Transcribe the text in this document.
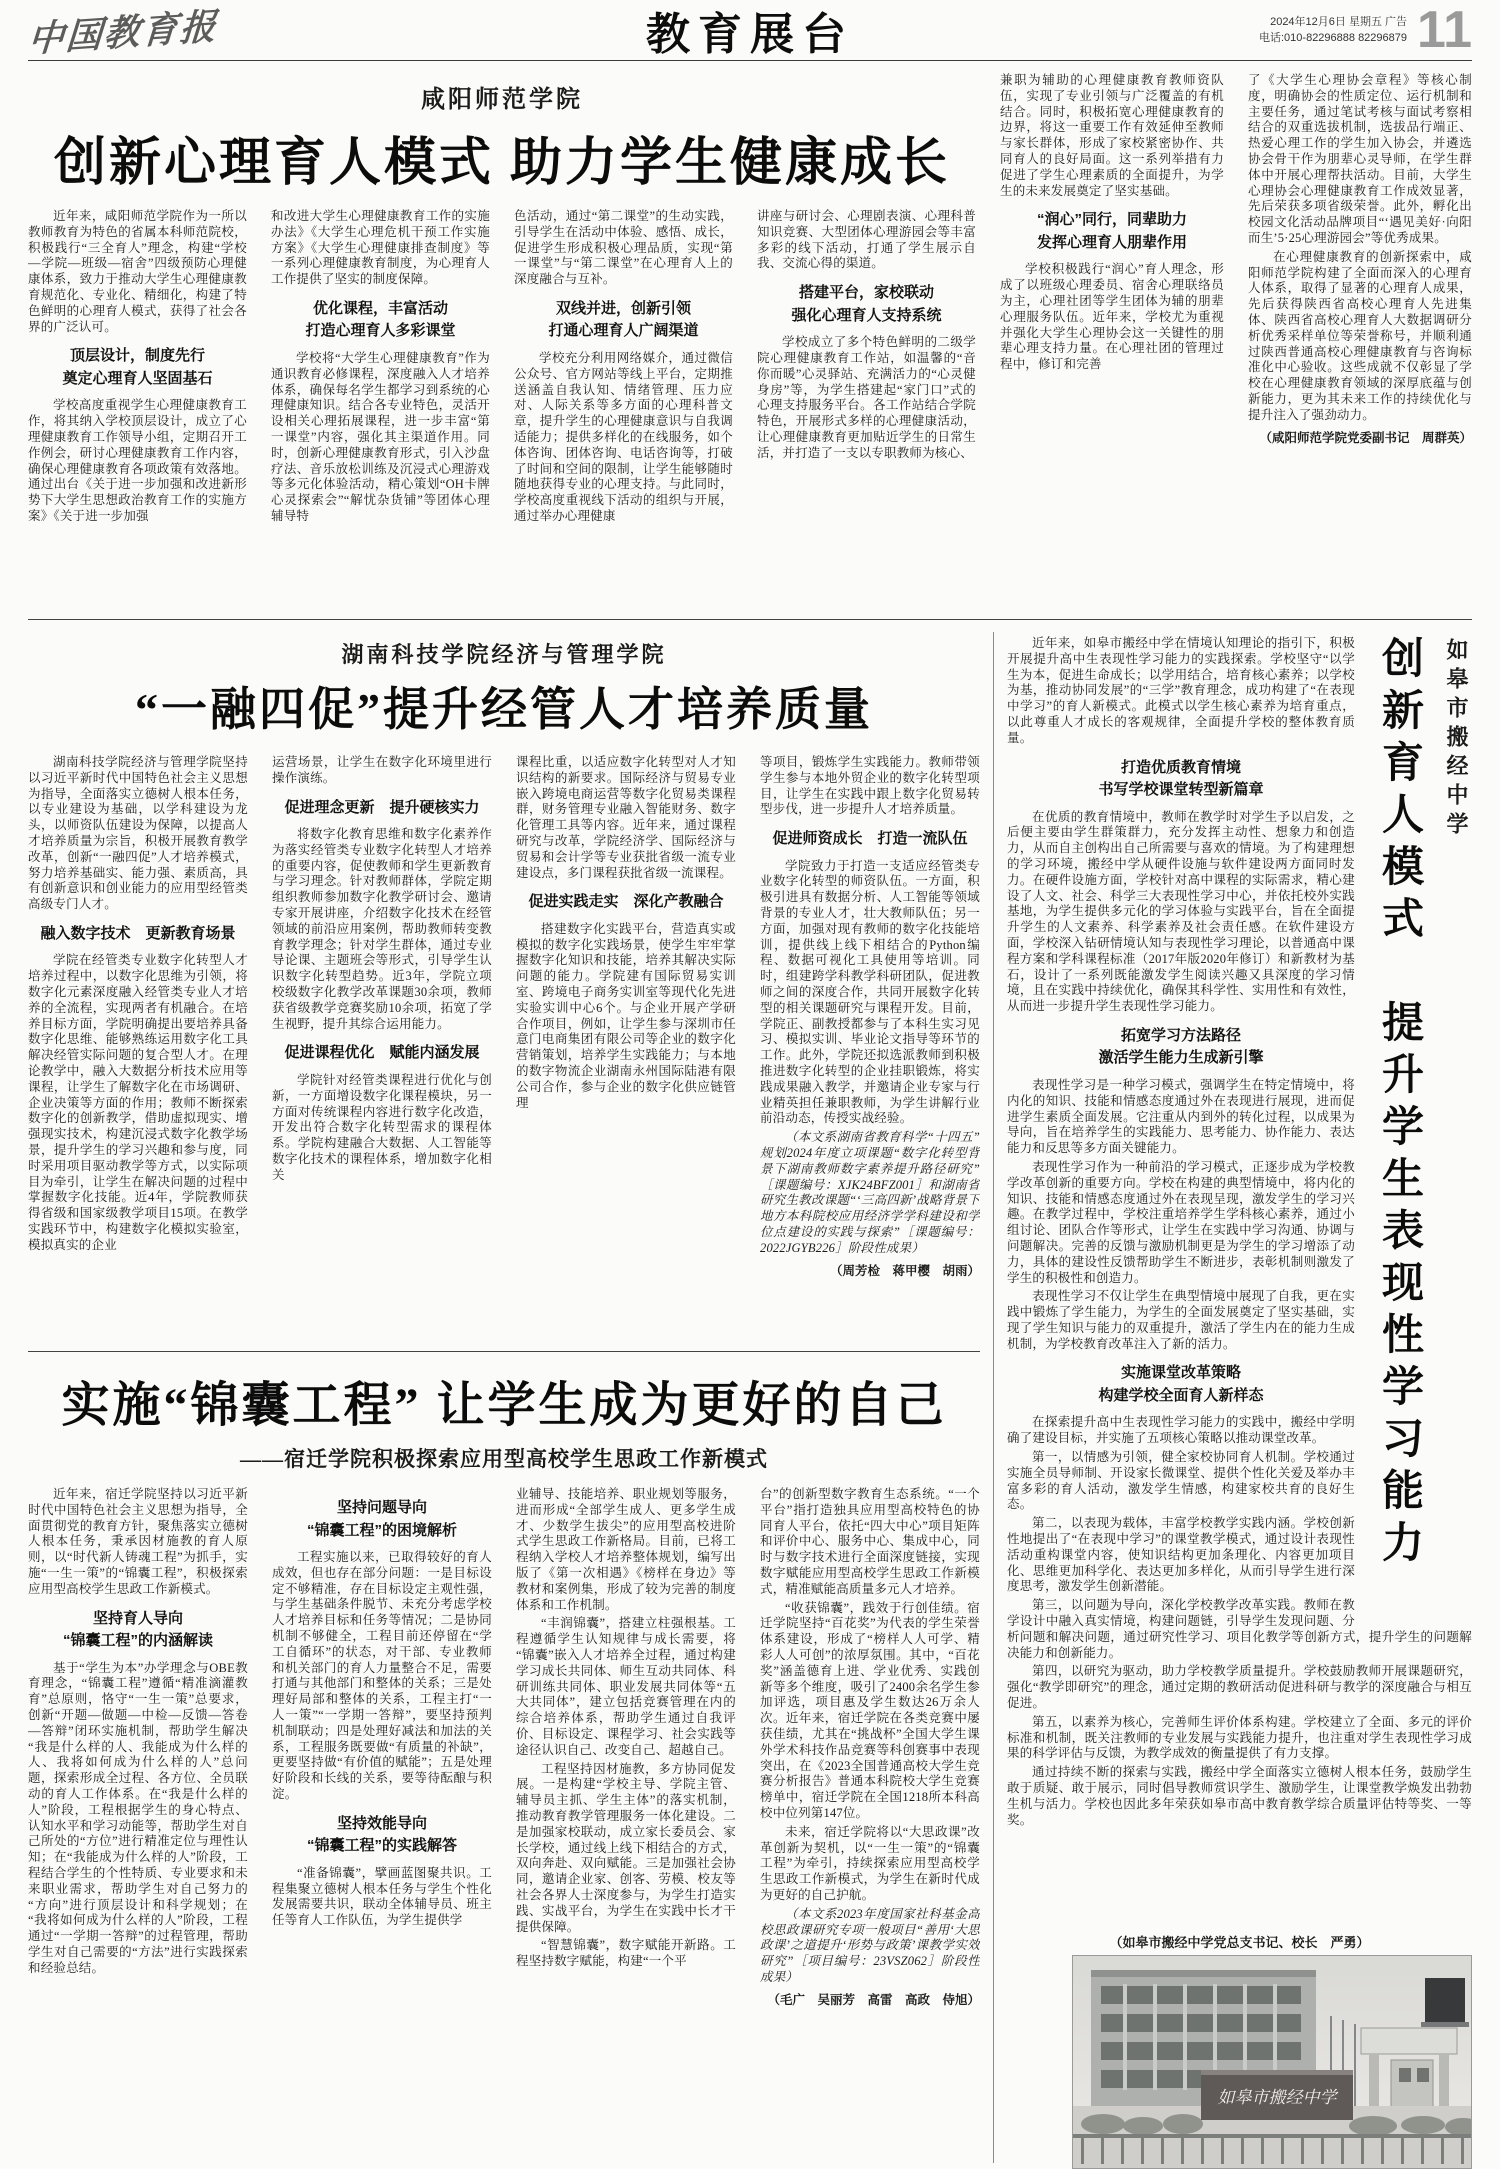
中国教育报	教育展台	2024年12月6日 星期五 广告
电话:010-82296888 82296879 11
咸阳师范学院
创新心理育人模式 助力学生健康成长

近年来，咸阳师范学院作为一所以教师教育为特色的省属本科师范院校，积极践行“三全育人”理念，构建“学校—学院—班级—宿舍”四级预防心理健康体系，致力于推动大学生心理健康教育规范化、专业化、精细化，构建了特色鲜明的心理育人模式，获得了社会各界的广泛认可。

顶层设计，制度先行
奠定心理育人坚固基石

学校高度重视学生心理健康教育工作，将其纳入学校顶层设计，成立了心理健康教育工作领导小组，定期召开工作例会，研讨心理健康教育工作内容，确保心理健康教育各项政策有效落地。通过出台《关于进一步加强和改进新形势下大学生思想政治教育工作的实施方案》《关于进一步加强

和改进大学生心理健康教育工作的实施办法》《大学生心理危机干预工作实施方案》《大学生心理健康排查制度》等一系列心理健康教育制度，为心理育人工作提供了坚实的制度保障。

优化课程，丰富活动
打造心理育人多彩课堂

学校将“大学生心理健康教育”作为通识教育必修课程，深度融入人才培养体系，确保每名学生都学习到系统的心理健康知识。结合各专业特色，灵活开设相关心理拓展课程，进一步丰富“第一课堂”内容，强化其主渠道作用。同时，创新心理健康教育形式，引入沙盘疗法、音乐放松训练及沉浸式心理游戏等多元化体验活动，精心策划“OH卡牌心灵探索会”“解忧杂货铺”等团体心理辅导特

色活动，通过“第二课堂”的生动实践，引导学生在活动中体验、感悟、成长，促进学生形成积极心理品质，实现“第一课堂”与“第二课堂”在心理育人上的深度融合与互补。

双线并进，创新引领
打通心理育人广阔渠道

学校充分利用网络媒介，通过微信公众号、官方网站等线上平台，定期推送涵盖自我认知、情绪管理、压力应对、人际关系等多方面的心理科普文章，提升学生的心理健康意识与自我调适能力；提供多样化的在线服务，如个体咨询、团体咨询、电话咨询等，打破了时间和空间的限制，让学生能够随时随地获得专业的心理支持。与此同时，学校高度重视线下活动的组织与开展，通过举办心理健康

讲座与研讨会、心理剧表演、心理科普知识竞赛、大型团体心理游园会等丰富多彩的线下活动，打通了学生展示自我、交流心得的渠道。

搭建平台，家校联动
强化心理育人支持系统

学校成立了多个特色鲜明的二级学院心理健康教育工作站，如温馨的“音你而暖”心灵驿站、充满活力的“心灵健身房”等，为学生搭建起“家门口”式的心理支持服务平台。各工作站结合学院特色，开展形式多样的心理健康活动，让心理健康教育更加贴近学生的日常生活，并打造了一支以专职教师为核心、

兼职为辅助的心理健康教育教师资队伍，实现了专业引领与广泛覆盖的有机结合。同时，积极拓宽心理健康教育的边界，将这一重要工作有效延伸至教师与家长群体，形成了家校紧密协作、共同育人的良好局面。这一系列举措有力促进了学生心理素质的全面提升，为学生的未来发展奠定了坚实基础。

“润心”同行，同辈助力
发挥心理育人朋辈作用

学校积极践行“润心”育人理念，形成了以班级心理委员、宿舍心理联络员为主，心理社团等学生团体为辅的朋辈心理服务队伍。近年来，学校尤为重视并强化大学生心理协会这一关键性的朋辈心理支持力量。在心理社团的管理过程中，修订和完善

了《大学生心理协会章程》等核心制度，明确协会的性质定位、运行机制和主要任务，通过笔试考核与面试考察相结合的双重选拔机制，选拔品行端正、热爱心理工作的学生加入协会，并遴选协会骨干作为朋辈心灵导师，在学生群体中开展心理帮扶活动。目前，大学生心理协会心理健康教育工作成效显著，先后荣获多项省级荣誉。此外，孵化出校园文化活动品牌项目“‘遇见美好·向阳而生’5·25心理游园会”等优秀成果。

在心理健康教育的创新探索中，咸阳师范学院构建了全面而深入的心理育人体系，取得了显著的心理育人成果，先后获得陕西省高校心理育人先进集体、陕西省高校心理育人大数据调研分析优秀采样单位等荣誉称号，并顺利通过陕西普通高校心理健康教育与咨询标准化中心验收。这些成就不仅彰显了学校在心理健康教育领域的深厚底蕴与创新能力，更为其未来工作的持续优化与提升注入了强劲动力。

（咸阳师范学院党委副书记　周群英）

湖南科技学院经济与管理学院
“一融四促”提升经管人才培养质量

湖南科技学院经济与管理学院坚持以习近平新时代中国特色社会主义思想为指导，全面落实立德树人根本任务，以专业建设为基础，以学科建设为龙头，以师资队伍建设为保障，以提高人才培养质量为宗旨，积极开展教育教学改革，创新“一融四促”人才培养模式，努力培养基础实、能力强、素质高，具有创新意识和创业能力的应用型经管类高级专门人才。

融入数字技术　更新教育场景

学院在经管类专业数字化转型人才培养过程中，以数字化思维为引领，将数字化元素深度融入经管类专业人才培养的全流程，实现两者有机融合。在培养目标方面，学院明确提出要培养具备数字化思维、能够熟练运用数字化工具解决经管实际问题的复合型人才。在理论教学中，融入大数据分析技术应用等课程，让学生了解数字化在市场调研、企业决策等方面的作用；教师不断探索数字化的创新教学，借助虚拟现实、增强现实技术，构建沉浸式数字化教学场景，提升学生的学习兴趣和参与度，同时采用项目驱动教学等方式，以实际项目为牵引，让学生在解决问题的过程中掌握数字化技能。近4年，学院教师获得省级和国家级教学项目15项。在教学实践环节中，构建数字化模拟实验室，模拟真实的企业

运营场景，让学生在数字化环境里进行操作演练。

促进理念更新　提升硬核实力

将数字化教育思维和数字化素养作为落实经管类专业数字化转型人才培养的重要内容，促使教师和学生更新教育与学习理念。针对教师群体，学院定期组织教师参加数字化教学研讨会、邀请专家开展讲座，介绍数字化技术在经管领域的前沿应用案例，帮助教师转变教育教学理念；针对学生群体，通过专业导论课、主题班会等形式，引导学生认识数字化转型趋势。近3年，学院立项校级数字化教学改革课题30余项，教师获省级教学竞赛奖励10余项，拓宽了学生视野，提升其综合运用能力。

促进课程优化　赋能内涵发展

学院针对经管类课程进行优化与创新，一方面增设数字化课程模块，另一方面对传统课程内容进行数字化改造，开发出符合数字化转型需求的课程体系。学院构建融合大数据、人工智能等数字化技术的课程体系，增加数字化相关

课程比重，以适应数字化转型对人才知识结构的新要求。国际经济与贸易专业嵌入跨境电商运营等数字化贸易类课程群，财务管理专业融入智能财务、数字化管理工具等内容。近年来，通过课程研究与改革，学院经济学、国际经济与贸易和会计学等专业获批省级一流专业建设点，多门课程获批省级一流课程。

促进实践走实　深化产教融合

搭建数字化实践平台，营造真实或模拟的数字化实践场景，使学生牢牢掌握数字化知识和技能，培养其解决实际问题的能力。学院建有国际贸易实训室、跨境电子商务实训室等现代化先进实验实训中心6个。与企业开展产学研合作项目，例如，让学生参与深圳市任意门电商集团有限公司等企业的数字化营销策划，培养学生实践能力；与本地的数字物流企业湖南永州国际陆港有限公司合作，参与企业的数字化供应链管理

等项目，锻炼学生实践能力。教师带领学生参与本地外贸企业的数字化转型项目，让学生在实践中跟上数字化贸易转型步伐，进一步提升人才培养质量。

促进师资成长　打造一流队伍

学院致力于打造一支适应经管类专业数字化转型的师资队伍。一方面，积极引进具有数据分析、人工智能等领域背景的专业人才，壮大教师队伍；另一方面，加强对现有教师的数字化技能培训，提供线上线下相结合的Python编程、数据可视化工具使用等培训。同时，组建跨学科教学科研团队，促进教师之间的深度合作，共同开展数字化转型的相关课题研究与课程开发。目前，学院正、副教授都参与了本科生实习见习、模拟实训、毕业论文指导等环节的工作。此外，学院还拟选派教师到积极推进数字化转型的企业挂职锻炼，将实践成果融入教学，并邀请企业专家与行业精英担任兼职教师，为学生讲解行业前沿动态，传授实战经验。

（本文系湖南省教育科学“十四五”规划2024年度立项课题“数字化转型背景下湖南教师数字素养提升路径研究”［课题编号：XJK24BFZ001］和湖南省研究生教改课题“‘三高四新’战略背景下地方本科院校应用经济学学科建设和学位点建设的实践与探索”［课题编号：2022JGYB226］阶段性成果）

（周芳检　蒋甲樱　胡雨）

实施“锦囊工程” 让学生成为更好的自己
——宿迁学院积极探索应用型高校学生思政工作新模式

近年来，宿迁学院坚持以习近平新时代中国特色社会主义思想为指导，全面贯彻党的教育方针，聚焦落实立德树人根本任务，秉承因材施教的育人原则，以“时代新人铸魂工程”为抓手，实施“一生一策”的“锦囊工程”，积极探索应用型高校学生思政工作新模式。

坚持育人导向
“锦囊工程”的内涵解读

基于“学生为本”办学理念与OBE教育理念，“锦囊工程”遵循“精准滴灌教育”总原则，恪守“一生一策”总要求，创新“开题—做题—中检—反馈—答卷—答辩”闭环实施机制，帮助学生解决“我是什么样的人、我能成为什么样的人、我将如何成为什么样的人”总问题，探索形成全过程、各方位、全员联动的育人工作体系。在“我是什么样的人”阶段，工程根据学生的身心特点、认知水平和学习动能等，帮助学生对自己所处的“方位”进行精准定位与理性认知；在“我能成为什么样的人”阶段，工程结合学生的个性特质、专业要求和未来职业需求，帮助学生对自己努力的“方向”进行顶层设计和科学规划；在“我将如何成为什么样的人”阶段，工程通过“一学期一答辩”的过程管理，帮助学生对自己需要的“方法”进行实践探索和经验总结。

坚持问题导向
“锦囊工程”的困境解析

工程实施以来，已取得较好的育人成效，但也存在部分问题：一是目标设定不够精准，存在目标设定主观性强，与学生基础条件脱节、未充分考虑学校人才培养目标和任务等情况；二是协同机制不够健全，工程目前还停留在“学工自循环”的状态，对干部、专业教师和机关部门的育人力量整合不足，需要打通与其他部门和整体的关系；三是处理好局部和整体的关系，工程主打“一人一策”“一学期一答辩”，要坚持预判机制联动；四是处理好减法和加法的关系，工程服务既要做“有质量的补缺”，更要坚持做“有价值的赋能”；五是处理好阶段和长线的关系，要等待酝酿与积淀。

坚持效能导向
“锦囊工程”的实践解答

“准备锦囊”，擘画蓝图聚共识。工程集聚立德树人根本任务与学生个性化发展需要共识，联动全体辅导员、班主任等育人工作队伍，为学生提供学

业辅导、技能培养、职业规划等服务，进而形成“全部学生成人、更多学生成才、少数学生拔尖”的应用型高校进阶式学生思政工作新格局。目前，已将工程纳入学校人才培养整体规划，编写出版了《第一次相遇》《榜样在身边》等教材和案例集，形成了较为完善的制度体系和工作机制。

“丰润锦囊”，搭建立柱强根基。工程遵循学生认知规律与成长需要，将“锦囊”嵌入人才培养全过程，通过构建学习成长共同体、师生互动共同体、科研训练共同体、职业发展共同体等“五大共同体”，建立包括竞赛管理在内的综合培养体系，帮助学生通过自我评价、目标设定、课程学习、社会实践等途径认识自己、改变自己、超越自己。

工程坚持因材施教，多方协同促发展。一是构建“学校主导、学院主管、辅导员主抓、学生主体”的落实机制，推动教育教学管理服务一体化建设。二是加强家校联动，成立家长委员会、家长学校，通过线上线下相结合的方式，双向奔赴、双向赋能。三是加强社会协同，邀请企业家、创客、劳模、校友等社会各界人士深度参与，为学生打造实践、实战平台，为学生在实践中长才干提供保障。

“智慧锦囊”，数字赋能开新路。工程坚持数字赋能，构建“一个平

台”的创新型数字教育生态系统。“一个平台”指打造独具应用型高校特色的协同育人平台，依托“四大中心”项目矩阵和评价中心、服务中心、集成中心，同时与数字技术进行全面深度链接，实现数字赋能应用型高校学生思政工作新模式，精准赋能高质量多元人才培养。

“收获锦囊”，践效于行创佳绩。宿迁学院坚持“百花奖”为代表的学生荣誉体系建设，形成了“榜样人人可学、精彩人人可创”的浓厚氛围。其中，“百花奖”涵盖德育上进、学业优秀、实践创新等多个维度，吸引了2400余名学生参加评选，项目惠及学生数达26万余人次。近年来，宿迁学院在各类竞赛中屡获佳绩，尤其在“挑战杯”全国大学生课外学术科技作品竞赛等科创赛事中表现突出，在《2023全国普通高校大学生竞赛分析报告》普通本科院校大学生竞赛榜单中，宿迁学院在全国1218所本科高校中位列第147位。

未来，宿迁学院将以“大思政课”改革创新为契机，以“一生一策”的“锦囊工程”为牵引，持续探索应用型高校学生思政工作新模式，为学生在新时代成为更好的自己护航。

（本文系2023年度国家社科基金高校思政课研究专项一般项目“善用‘大思政课’之道提升‘形势与政策’课教学实效研究”［项目编号：23VSZ062］阶段性成果）

（毛广　吴丽芳　高雷　高政　侍旭）

创新育人模式　提升学生表现性学习能力	如皋市搬经中学

近年来，如皋市搬经中学在情境认知理论的指引下，积极开展提升高中生表现性学习能力的实践探索。学校坚守“以学生为本，促进生命成长；以学用结合，培育核心素养；以学校为基，推动协同发展”的“三学”教育理念，成功构建了“在表现中学习”的育人新模式。此模式以学生核心素养为培育重点，以此尊重人才成长的客观规律，全面提升学校的整体教育质量。

打造优质教育情境
书写学校课堂转型新篇章

在优质的教育情境中，教师在教学时对学生予以启发，之后便主要由学生群策群力，充分发挥主动性、想象力和创造力，从而自主创构出自己所需要与喜欢的情境。为了构建理想的学习环境，搬经中学从硬件设施与软件建设两方面同时发力。在硬件设施方面，学校针对高中课程的实际需求，精心建设了人文、社会、科学三大表现性学习中心，并依托校外实践基地，为学生提供多元化的学习体验与实践平台，旨在全面提升学生的人文素养、科学素养及社会责任感。在软件建设方面，学校深入钻研情境认知与表现性学习理论，以普通高中课程方案和学科课程标准（2017年版2020年修订）和新教材为基石，设计了一系列既能激发学生阅读兴趣又具深度的学习情境，且在实践中持续优化，确保其科学性、实用性和有效性，从而进一步提升学生表现性学习能力。

拓宽学习方法路径
激活学生能力生成新引擎

表现性学习是一种学习模式，强调学生在特定情境中，将内化的知识、技能和情感态度通过外在表现进行展现，进而促进学生素质全面发展。它注重从内到外的转化过程，以成果为导向，旨在培养学生的实践能力、思考能力、协作能力、表达能力和反思等多方面关键能力。

表现性学习作为一种前沿的学习模式，正逐步成为学校教学改革创新的重要方向。学校在构建的典型情境中，将内化的知识、技能和情感态度通过外在表现呈现，激发学生的学习兴趣。在教学过程中，学校注重培养学生学科核心素养，通过小组讨论、团队合作等形式，让学生在实践中学习沟通、协调与问题解决。完善的反馈与激励机制更是为学生的学习增添了动力，具体的建设性反馈帮助学生不断进步，表彰机制则激发了学生的积极性和创造力。

表现性学习不仅让学生在典型情境中展现了自我，更在实践中锻炼了学生能力，为学生的全面发展奠定了坚实基础，实现了学生知识与能力的双重提升，激活了学生内在的能力生成机制，为学校教育改革注入了新的活力。

实施课堂改革策略
构建学校全面育人新样态

在探索提升高中生表现性学习能力的实践中，搬经中学明确了建设目标，并实施了五项核心策略以推动课堂改革。

第一，以情感为引领，健全家校协同育人机制。学校通过实施全员导师制、开设家长微课堂、提供个性化关爱及举办丰富多彩的育人活动，激发学生情感，构建家校共育的良好生态。

第二，以表现为载体，丰富学校教学实践内涵。学校创新性地提出了“在表现中学习”的课堂教学模式，通过设计表现性活动重构课堂内容，使知识结构更加条理化、内容更加项目化、思维更加科学化、表达更加多样化，从而引导学生进行深度思考，激发学生创新潜能。

第三，以问题为导向，深化学校教学改革实践。教师在教学设计中融入真实情境，构建问题链，引导学生发现问题、分析问题和解决问题，通过研究性学习、项目化教学等创新方式，提升学生的问题解决能力和创新能力。

第四，以研究为驱动，助力学校教学质量提升。学校鼓励教师开展课题研究，强化“教学即研究”的理念，通过定期的教研活动促进科研与教学的深度融合与相互促进。

第五，以素养为核心，完善师生评价体系构建。学校建立了全面、多元的评价标准和机制，既关注教师的专业发展与实践能力提升，也注重对学生表现性学习成果的科学评估与反馈，为教学成效的衡量提供了有力支撑。

通过持续不断的探索与实践，搬经中学全面落实立德树人根本任务，鼓励学生敢于质疑、敢于展示，同时倡导教师赏识学生、激励学生，让课堂教学焕发出勃勃生机与活力。学校也因此多年荣获如皋市高中教育教学综合质量评估特等奖、一等奖。

（如皋市搬经中学党总支书记、校长　严勇）
如皋市搬经中学
